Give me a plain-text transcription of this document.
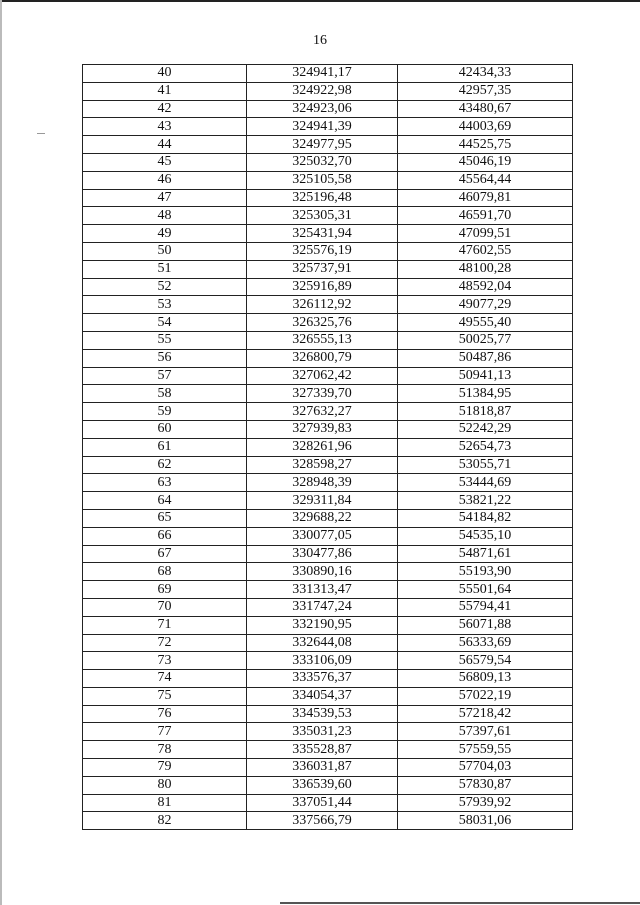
16
40	324941,17	42434,33
41	324922,98	42957,35
42	324923,06	43480,67
43	324941,39	44003,69
44	324977,95	44525,75
45	325032,70	45046,19
46	325105,58	45564,44
47	325196,48	46079,81
48	325305,31	46591,70
49	325431,94	47099,51
50	325576,19	47602,55
51	325737,91	48100,28
52	325916,89	48592,04
53	326112,92	49077,29
54	326325,76	49555,40
55	326555,13	50025,77
56	326800,79	50487,86
57	327062,42	50941,13
58	327339,70	51384,95
59	327632,27	51818,87
60	327939,83	52242,29
61	328261,96	52654,73
62	328598,27	53055,71
63	328948,39	53444,69
64	329311,84	53821,22
65	329688,22	54184,82
66	330077,05	54535,10
67	330477,86	54871,61
68	330890,16	55193,90
69	331313,47	55501,64
70	331747,24	55794,41
71	332190,95	56071,88
72	332644,08	56333,69
73	333106,09	56579,54
74	333576,37	56809,13
75	334054,37	57022,19
76	334539,53	57218,42
77	335031,23	57397,61
78	335528,87	57559,55
79	336031,87	57704,03
80	336539,60	57830,87
81	337051,44	57939,92
82	337566,79	58031,06
